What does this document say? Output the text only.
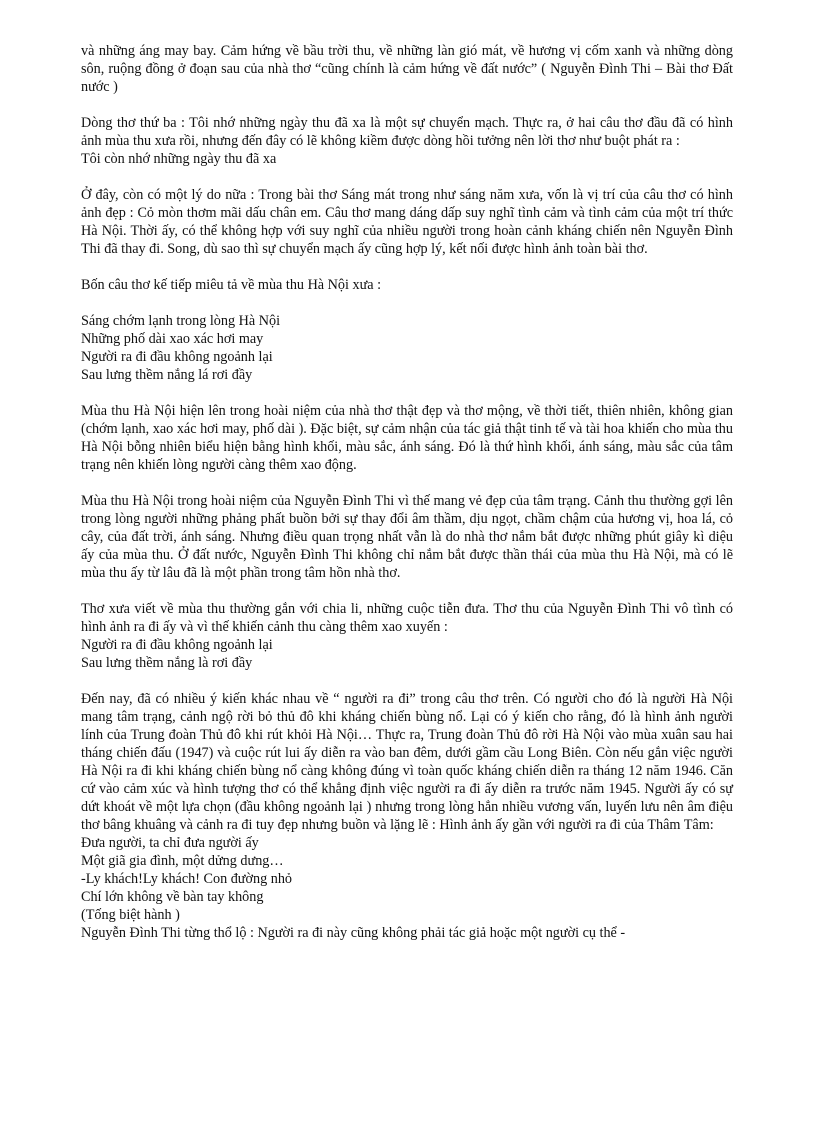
và những áng may bay. Cảm hứng về bầu trời thu, về những làn gió mát, về hương vị cốm xanh và những dòng sôn, ruộng đồng ở đoạn sau của nhà thơ “cũng chính là cảm hứng về đất nước” ( Nguyễn Đình Thi – Bài thơ Đất nước )

Dòng thơ thứ ba : Tôi nhớ những ngày thu đã xa là một sự chuyển mạch. Thực ra, ở hai câu thơ đầu đã có hình ảnh mùa thu xưa rồi, nhưng đến đây có lẽ không kiềm được dòng hồi tưởng nên lời thơ như buột phát ra :

Tôi còn nhớ những ngày thu đã xa

Ở đây, còn có một lý do nữa : Trong bài thơ Sáng mát trong như sáng năm xưa, vốn là vị trí của câu thơ có hình ảnh đẹp : Cỏ mòn thơm mãi dấu chân em. Câu thơ mang dáng dấp suy nghĩ tình cảm và tình cảm của một trí thức Hà Nội. Thời ấy, có thể không hợp với suy nghĩ của nhiều người trong hoàn cảnh kháng chiến nên Nguyễn Đình Thi đã thay đi. Song, dù sao thì sự chuyển mạch ấy cũng hợp lý, kết nối được hình ảnh toàn bài thơ.

Bốn câu thơ kế tiếp miêu tả về mùa thu Hà Nội xưa :

Sáng chớm lạnh trong lòng Hà Nội

Những phố dài xao xác hơi may

Người ra đi đầu không ngoảnh lại

Sau lưng thềm nắng lá rơi đầy

Mùa thu Hà Nội hiện lên trong hoài niệm của nhà thơ thật đẹp và thơ mộng, về thời tiết, thiên nhiên, không gian (chớm lạnh, xao xác hơi may, phố dài ). Đặc biệt, sự cảm nhận của tác giả thật tinh tế và tài hoa khiến cho mùa thu Hà Nội bỗng nhiên biểu hiện bằng hình khối, màu sắc, ánh sáng. Đó là thứ hình khối, ánh sáng, màu sắc của tâm trạng nên khiến lòng người càng thêm xao động.

Mùa thu Hà Nội trong hoài niệm của Nguyễn Đình Thi vì thế mang vẻ đẹp của tâm trạng. Cảnh thu thường gợi lên trong lòng người những phảng phất buồn bởi sự thay đổi âm thầm, dịu ngọt, chầm chậm của hương vị, hoa lá, cỏ cây, của đất trời, ánh sáng. Nhưng điều quan trọng nhất vẫn là do nhà thơ nắm bắt được những phút giây kì diệu ấy của mùa thu. Ở đất nước, Nguyễn Đình Thi không chỉ nắm bắt được thần thái của mùa thu Hà Nội, mà có lẽ mùa thu ấy từ lâu đã là một phần trong tâm hồn nhà thơ.

Thơ xưa viết về mùa thu thường gắn với chia li, những cuộc tiễn đưa. Thơ thu của Nguyễn Đình Thi vô tình có hình ảnh ra đi ấy và vì thế khiến cảnh thu càng thêm xao xuyến :

Người ra đi đầu không ngoảnh lại

Sau lưng thềm nắng là rơi đầy

Đến nay, đã có nhiều ý kiến khác nhau về “ người ra đi” trong câu thơ trên. Có người cho đó là người Hà Nội mang tâm trạng, cảnh ngộ rời bỏ thủ đô khi kháng chiến bùng nổ. Lại có ý kiến cho rằng, đó là hình ảnh người lính của Trung đoàn Thủ đô khi rút khỏi Hà Nội… Thực ra, Trung đoàn Thủ đô rời Hà Nội vào mùa xuân sau hai tháng chiến đấu (1947) và cuộc rút lui ấy diễn ra vào ban đêm, dưới gầm cầu Long Biên. Còn nếu gắn việc người Hà Nội ra đi khi kháng chiến bùng nổ càng không đúng vì toàn quốc kháng chiến diễn ra tháng 12 năm 1946. Căn cứ vào cảm xúc và hình tượng thơ có thể khẳng định việc người ra đi ấy diễn ra trước năm 1945. Người ấy có sự dứt khoát về một lựa chọn (đầu không ngoảnh lại ) nhưng trong lòng hẳn nhiều vương vấn, luyến lưu nên âm điệu thơ bâng khuâng và cảnh ra đi tuy đẹp nhưng buồn và lặng lẽ : Hình ảnh ấy gần với người ra đi của Thâm Tâm:

Đưa người, ta chỉ đưa người ấy

Một giã gia đình, một dửng dưng…

-Ly khách!Ly khách! Con đường nhỏ

Chí lớn không về bàn tay không

(Tống biệt hành )

Nguyễn Đình Thi từng thổ lộ : Người ra đi này cũng không phải tác giả hoặc một người cụ thể -
